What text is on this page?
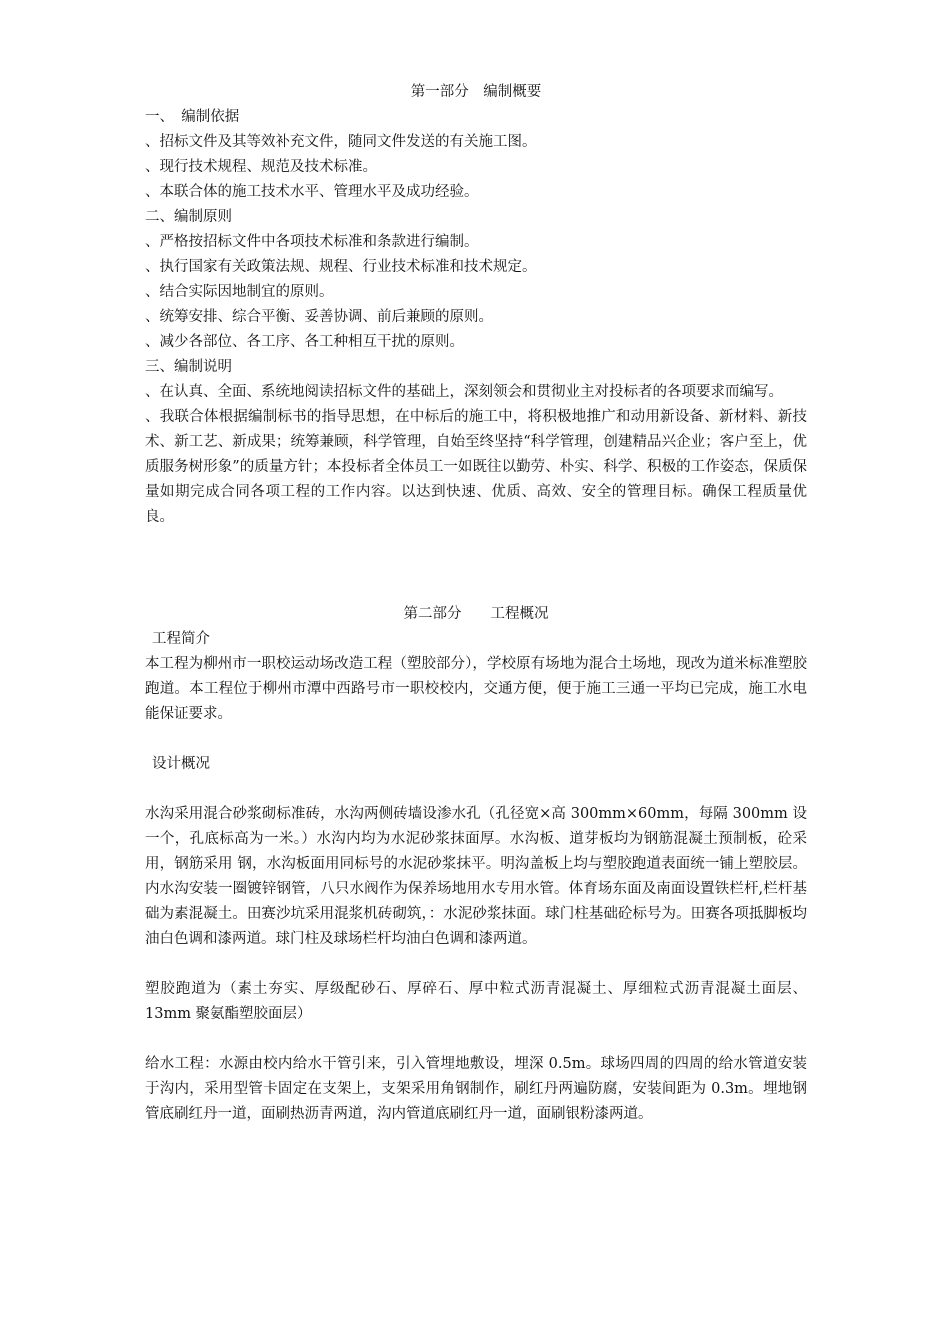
第一部分　编制概要

一、　编制依据

、招标文件及其等效补充文件，随同文件发送的有关施工图。

、现行技术规程、规范及技术标准。

、本联合体的施工技术水平、管理水平及成功经验。

二、编制原则

、严格按招标文件中各项技术标准和条款进行编制。

、执行国家有关政策法规、规程、行业技术标准和技术规定。

、结合实际因地制宜的原则。

、统筹安排、综合平衡、妥善协调、前后兼顾的原则。

、减少各部位、各工序、各工种相互干扰的原则。

三、编制说明

、在认真、全面、系统地阅读招标文件的基础上，深刻领会和贯彻业主对投标者的各项要求而编写。

、我联合体根据编制标书的指导思想，在中标后的施工中，将积极地推广和动用新设备、新材料、新技术、新工艺、新成果；统筹兼顾，科学管理，自始至终坚持“科学管理，创建精品兴企业；客户至上，优质服务树形象”的质量方针；本投标者全体员工一如既往以勤劳、朴实、科学、积极的工作姿态，保质保量如期完成合同各项工程的工作内容。以达到快速、优质、高效、安全的管理目标。确保工程质量优良。

第二部分　　工程概况

工程简介

本工程为柳州市一职校运动场改造工程（塑胶部分），学校原有场地为混合土场地，现改为道米标准塑胶跑道。本工程位于柳州市潭中西路号市一职校校内，交通方便，便于施工三通一平均已完成，施工水电能保证要求。

设计概况

水沟采用混合砂浆砌标准砖，水沟两侧砖墙设渗水孔（孔径宽×高 300mm×60mm，每隔 300mm 设一个，孔底标高为一米。）水沟内均为水泥砂浆抹面厚。水沟板、道芽板均为钢筋混凝土预制板，砼采用，钢筋采用 钢，水沟板面用同标号的水泥砂浆抹平。明沟盖板上均与塑胶跑道表面统一铺上塑胶层。内水沟安装一圈镀锌钢管，八只水阀作为保养场地用水专用水管。体育场东面及南面设置铁栏杆,栏杆基础为素混凝土。田赛沙坑采用混浆机砖砌筑，：水泥砂浆抹面。球门柱基础砼标号为。田赛各项抵脚板均油白色调和漆两道。球门柱及球场栏杆均油白色调和漆两道。

塑胶跑道为（素土夯实、厚级配砂石、厚碎石、厚中粒式沥青混凝土、厚细粒式沥青混凝土面层、13mm 聚氨酯塑胶面层）

给水工程：水源由校内给水干管引来，引入管埋地敷设，埋深 0.5m。球场四周的四周的给水管道安装于沟内，采用型管卡固定在支架上，支架采用角钢制作，刷红丹两遍防腐，安装间距为 0.3m。埋地钢管底刷红丹一道，面刷热沥青两道，沟内管道底刷红丹一道，面刷银粉漆两道。
